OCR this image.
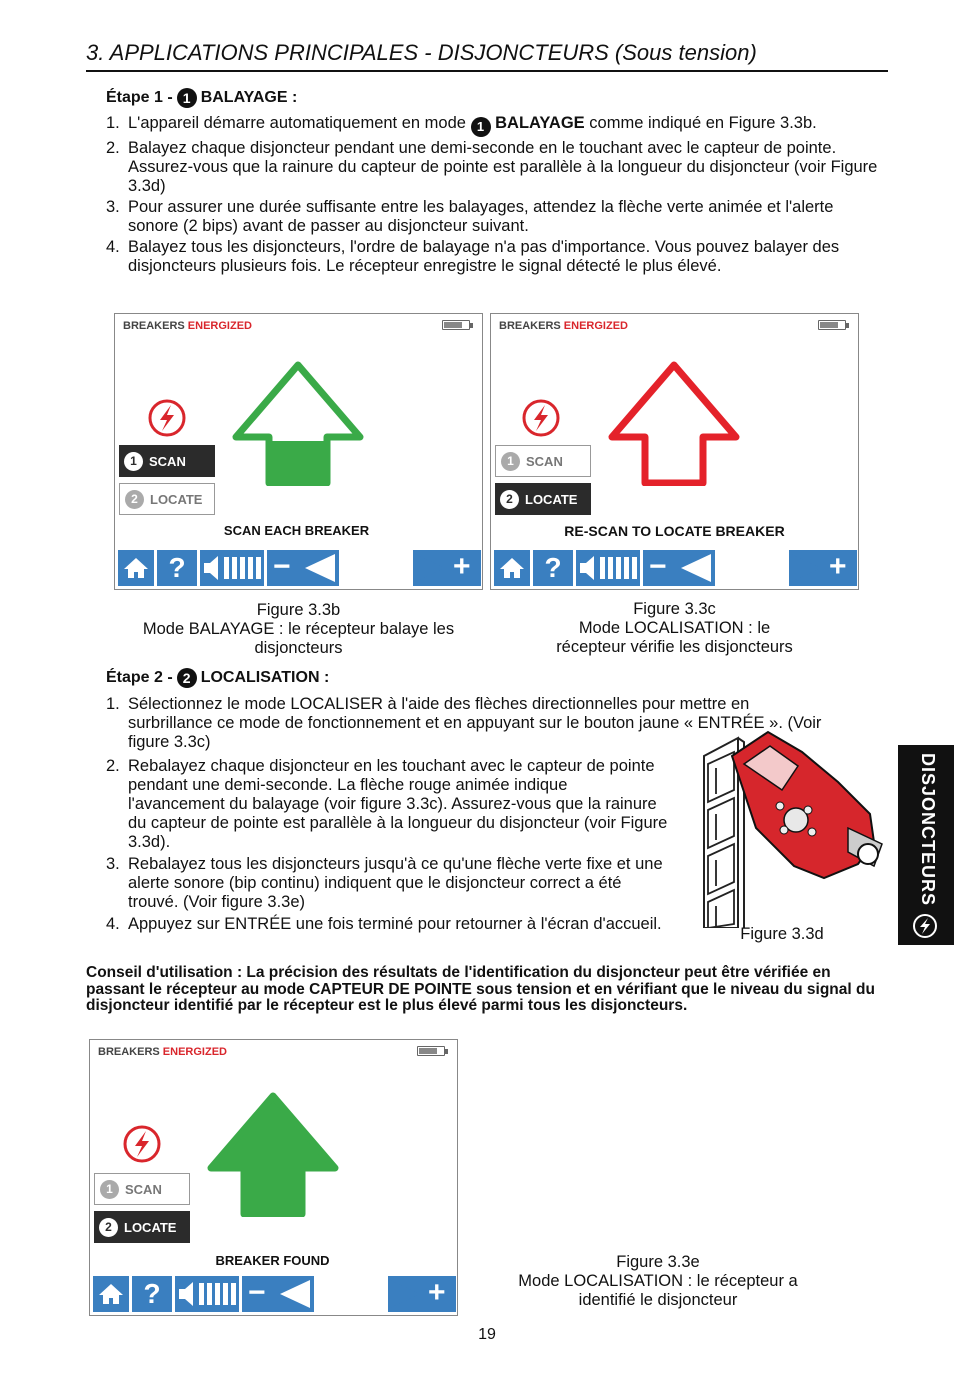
3. APPLICATIONS PRINCIPALES - DISJONCTEURS (Sous tension)
Étape 1 - 1 BALAYAGE :
1. L'appareil démarre automatiquement en mode 1 BALAYAGE comme indiqué en Figure 3.3b.
2. Balayez chaque disjoncteur pendant une demi-seconde en le touchant avec le capteur de pointe. Assurez-vous que la rainure du capteur de pointe est parallèle à la longueur du disjoncteur (voir Figure 3.3d)
3. Pour assurer une durée suffisante entre les balayages, attendez la flèche verte animée et l'alerte sonore (2 bips) avant de passer au disjoncteur suivant.
4. Balayez tous les disjoncteurs, l'ordre de balayage n'a pas d'importance. Vous pouvez balayer des disjoncteurs plusieurs fois. Le récepteur enregistre le signal détecté le plus élevé.
BREAKERS ENERGIZED
1 SCAN
2 LOCATE
SCAN EACH BREAKER
?	−	+
BREAKERS ENERGIZED
1 SCAN
2 LOCATE
RE-SCAN TO LOCATE BREAKER
?	−	+
Figure 3.3b
Mode BALAYAGE : le récepteur balaye les disjoncteurs
Figure 3.3c
Mode LOCALISATION : le récepteur vérifie les disjoncteurs
Étape 2 - 2 LOCALISATION :
1. Sélectionnez le mode LOCALISER à l'aide des flèches directionnelles pour mettre en surbrillance ce mode de fonctionnement et en appuyant sur le bouton jaune « ENTRÉE ». (Voir figure 3.3c)
2. Rebalayez chaque disjoncteur en les touchant avec le capteur de pointe pendant une demi-seconde. La flèche rouge animée indique l'avancement du balayage (voir figure 3.3c). Assurez-vous que la rainure du capteur de pointe est parallèle à la longueur du disjoncteur (voir Figure 3.3d).
3. Rebalayez tous les disjoncteurs jusqu'à ce qu'une flèche verte fixe et une alerte sonore (bip continu) indiquent que le disjoncteur correct a été trouvé. (Voir figure 3.3e)
4. Appuyez sur ENTRÉE une fois terminé pour retourner à l'écran d'accueil.
Figure 3.3d
DISJONCTEURS
Conseil d'utilisation : La précision des résultats de l'identification du disjoncteur peut être vérifiée en passant le récepteur au mode CAPTEUR DE POINTE sous tension et en vérifiant que le niveau du signal du disjoncteur identifié par le récepteur est le plus élevé parmi tous les disjoncteurs.
BREAKERS ENERGIZED
1 SCAN
2 LOCATE
BREAKER FOUND
?	−	+
Figure 3.3e
Mode LOCALISATION : le récepteur a identifié le disjoncteur
19
